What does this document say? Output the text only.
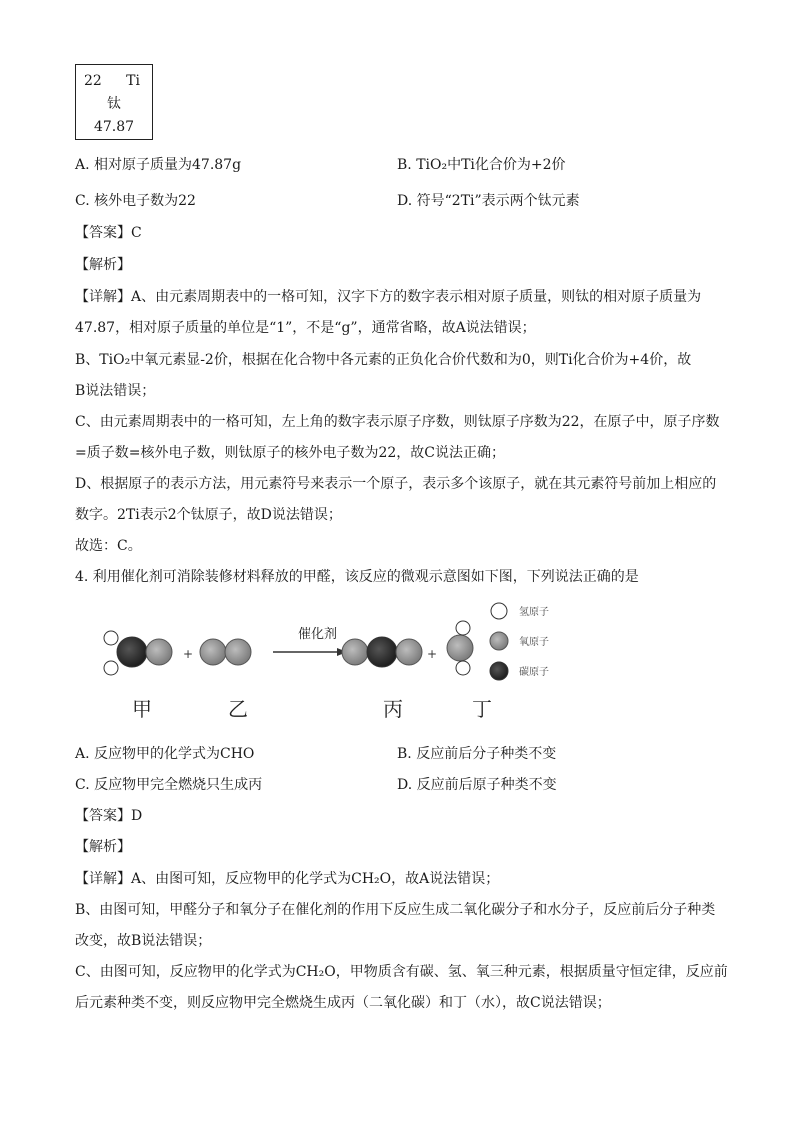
22 Ti
钛
47.87
A. 相对原子质量为47.87g	B. TiO₂中Ti化合价为+2价
C. 核外电子数为22	D. 符号“2Ti”表示两个钛元素
【答案】C
【解析】
【详解】A、由元素周期表中的一格可知，汉字下方的数字表示相对原子质量，则钛的相对原子质量为
47.87，相对原子质量的单位是“1”，不是“g”，通常省略，故A说法错误；
B、TiO₂中氧元素显-2价，根据在化合物中各元素的正负化合价代数和为0，则Ti化合价为+4价，故
B说法错误；
C、由元素周期表中的一格可知，左上角的数字表示原子序数，则钛原子序数为22，在原子中，原子序数
=质子数=核外电子数，则钛原子的核外电子数为22，故C说法正确；
D、根据原子的表示方法，用元素符号来表示一个原子，表示多个该原子，就在其元素符号前加上相应的
数字。2Ti表示2个钛原子，故D说法错误；
故选：C。
4. 利用催化剂可消除装修材料释放的甲醛，该反应的微观示意图如下图，下列说法正确的是
+
催化剂
+
氢原子
氧原子
碳原子
甲	乙	丙	丁
A. 反应物甲的化学式为CHO	B. 反应前后分子种类不变
C. 反应物甲完全燃烧只生成丙	D. 反应前后原子种类不变
【答案】D
【解析】
【详解】A、由图可知，反应物甲的化学式为CH₂O，故A说法错误；
B、由图可知，甲醛分子和氧分子在催化剂的作用下反应生成二氧化碳分子和水分子，反应前后分子种类
改变，故B说法错误；
C、由图可知，反应物甲的化学式为CH₂O，甲物质含有碳、氢、氧三种元素，根据质量守恒定律，反应前
后元素种类不变，则反应物甲完全燃烧生成丙（二氧化碳）和丁（水），故C说法错误；
